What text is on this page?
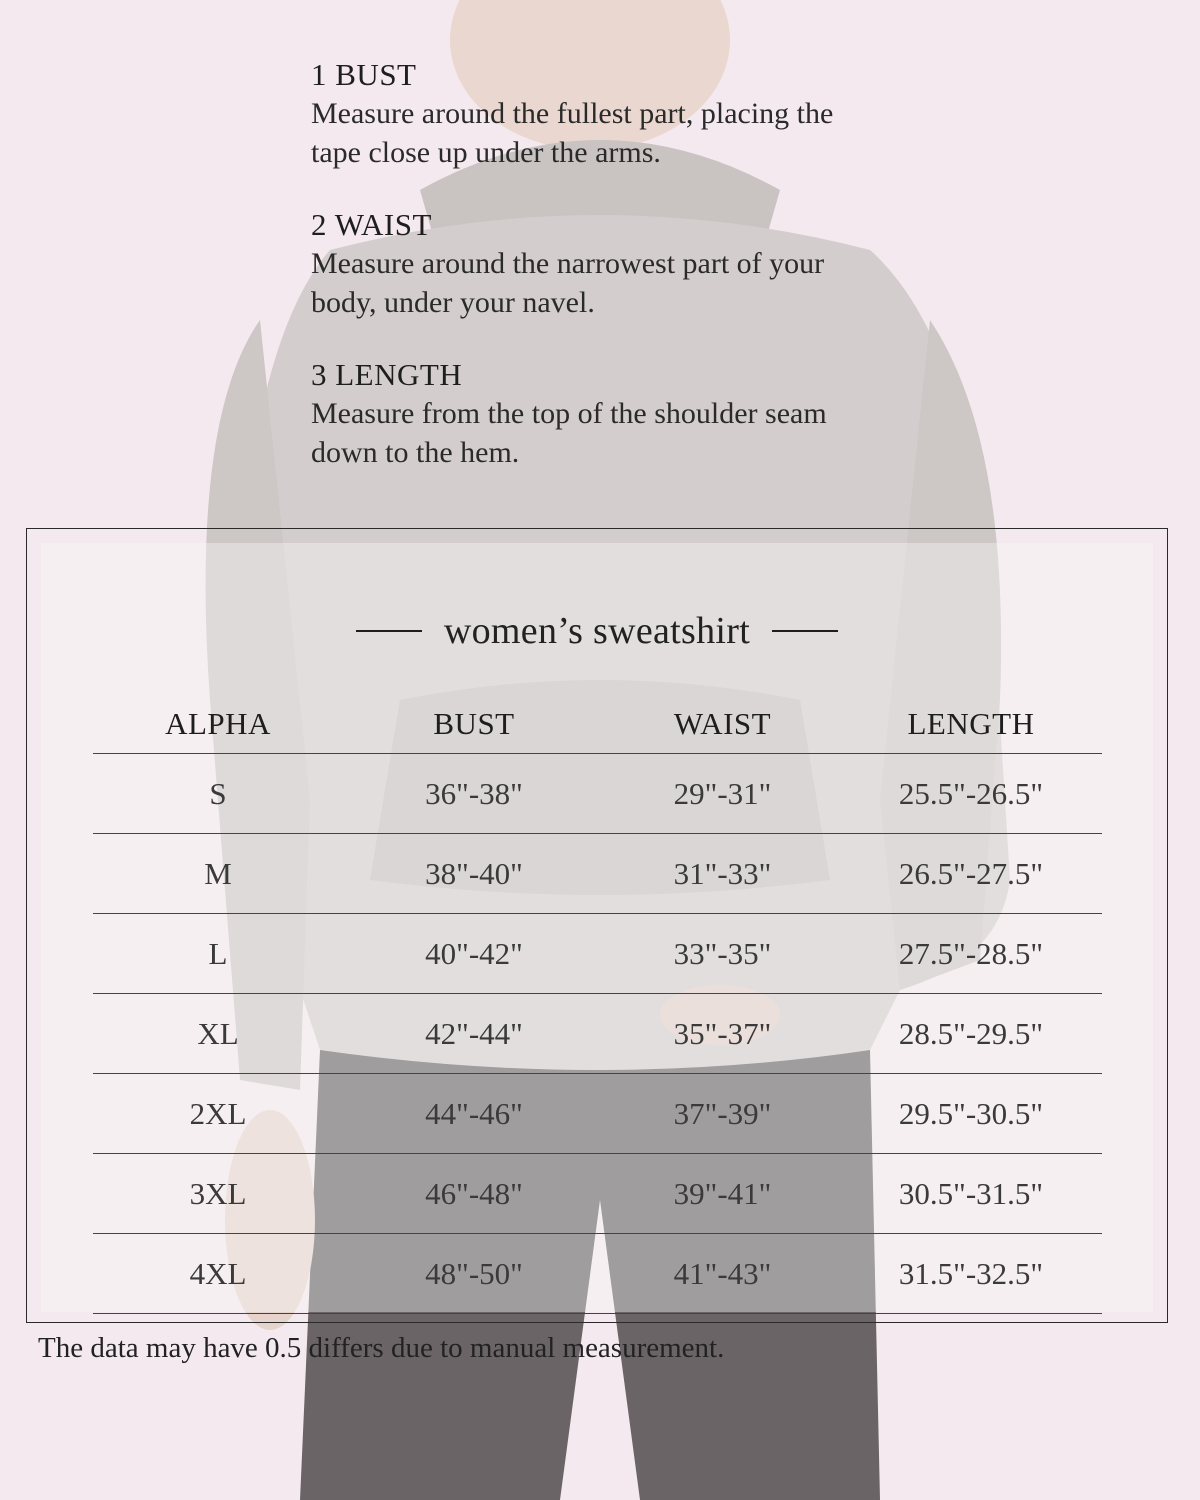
1 BUST
Measure around the fullest part, placing the
tape close up under the arms.
2 WAIST
Measure around the narrowest part of your
body, under your navel.
3 LENGTH
Measure from the top of the shoulder seam
down to the hem.
women’s sweatshirt
ALPHA	BUST	WAIST	LENGTH
S	36"-38"	29"-31"	25.5"-26.5"
M	38"-40"	31"-33"	26.5"-27.5"
L	40"-42"	33"-35"	27.5"-28.5"
XL	42"-44"	35"-37"	28.5"-29.5"
2XL	44"-46"	37"-39"	29.5"-30.5"
3XL	46"-48"	39"-41"	30.5"-31.5"
4XL	48"-50"	41"-43"	31.5"-32.5"
The data may have 0.5 differs due to manual measurement.
